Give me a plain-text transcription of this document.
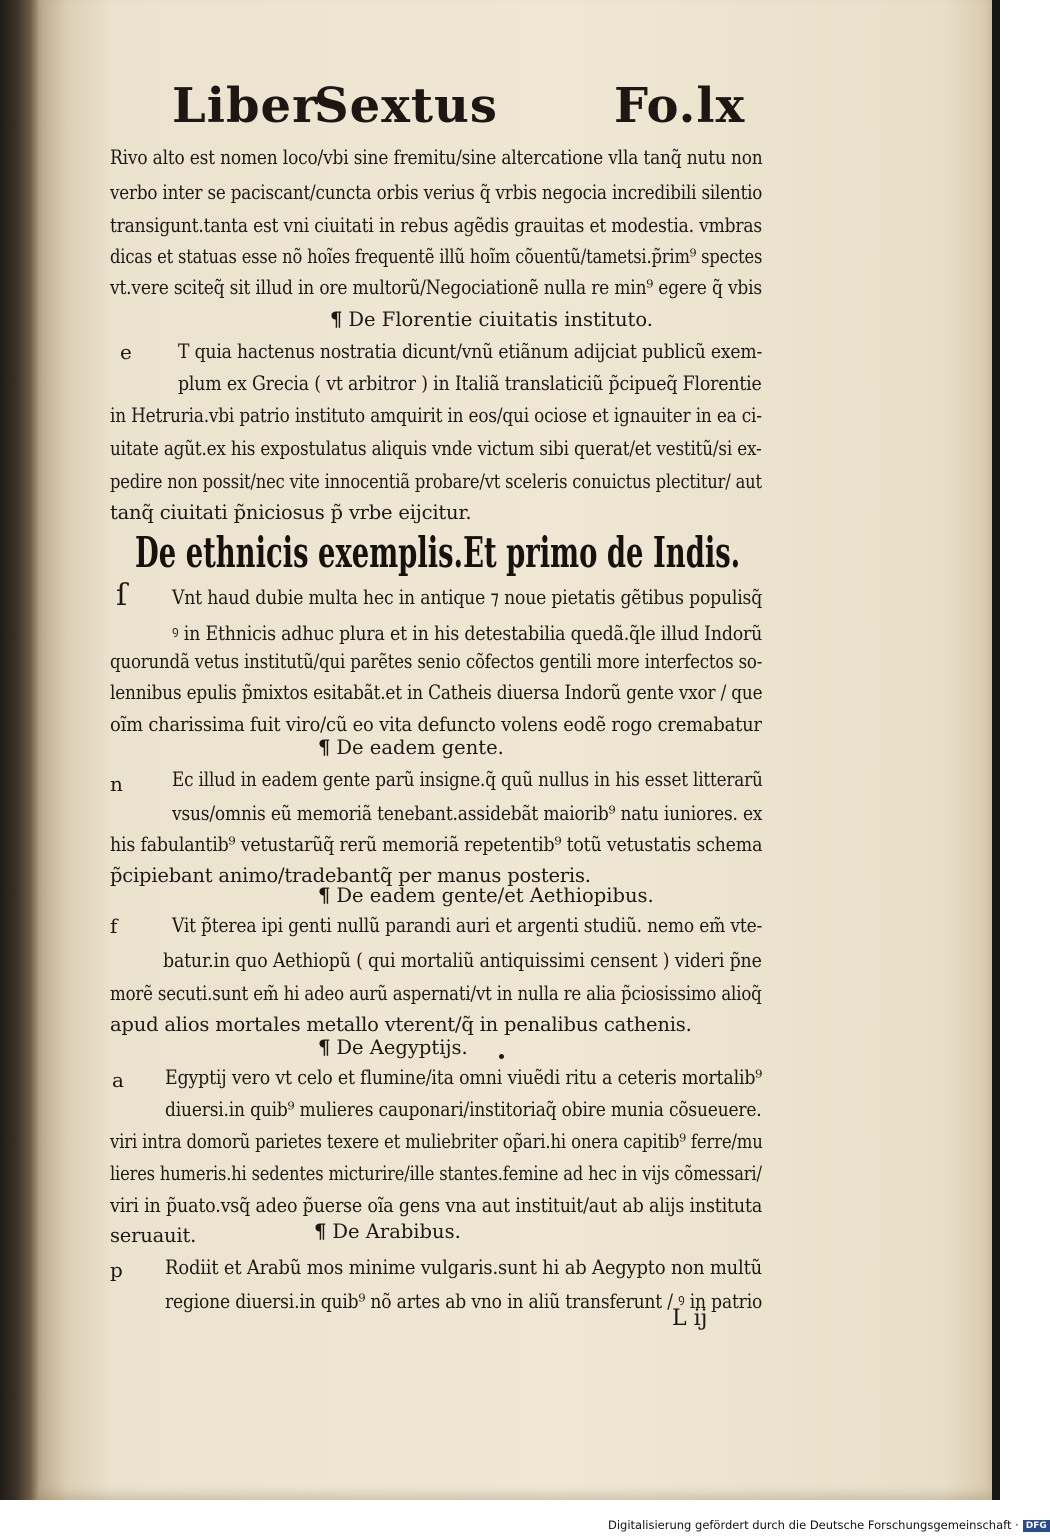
Liber
Sextus Fo.lx
Rivo alto est nomen loco/vbi sine fremitu/sine altercatione vlla tanq̃ nutu non
verbo inter se paciscant/cuncta orbis verius q̃ vrbis negocia incredibili silentio
transigunt.tanta est vni ciuitati in rebus agẽdis grauitas et modestia. vmbras
dicas et statuas esse nõ hoĩes frequentẽ illũ hoĩm cõuentũ/tametsi.p̃rim⁹ spectes
vt.vere sciteq̃ sit illud in ore multorũ/Negociationẽ nulla re min⁹ egere q̃ vbis
¶ De Florentie ciuitatis instituto.
e T quia hactenus nostratia dicunt/vnũ etiãnum adijciat publicũ exem-
plum ex Grecia ( vt arbitror ) in Italiã translaticiũ p̃cipueq̃ Florentie
in Hetruria.vbi patrio instituto amquirit in eos/qui ociose et ignauiter in ea ci-
uitate agũt.ex his expostulatus aliquis vnde victum sibi querat/et vestitũ/si ex-
pedire non possit/nec vite innocentiã probare/vt sceleris conuictus plectitur/ aut
tanq̃ ciuitati p̃niciosus p̃ vrbe eijcitur.
De ethnicis exemplis.Et primo de Indis.
ſ Vnt haud dubie multa hec in antique ⁊ noue pietatis gẽtibus populisq̃
ꝰ in Ethnicis adhuc plura et in his detestabilia quedã.q̃le illud Indorũ
quorundã vetus institutũ/qui parẽtes senio cõfectos gentili more interfectos so-
lennibus epulis p̃mixtos esitabãt.et in Catheis diuersa Indorũ gente vxor / que
oĩm charissima fuit viro/cũ eo vita defuncto volens eodẽ rogo cremabatur
¶ De eadem gente.
n	Ec illud in eadem gente parũ insigne.q̃ quũ nullus in his esset litterarũ
vsus/omnis eũ memoriã tenebant.assidebãt maiorib⁹ natu iuniores. ex
his fabulantib⁹ vetustarũq̃ rerũ memoriã repetentib⁹ totũ vetustatis schema
p̃cipiebant animo/tradebantq̃ per manus posteris.
¶ De eadem gente/et Aethiopibus.
f	Vit p̃terea ipi genti nullũ parandi auri et argenti studiũ. nemo em̃ vte-
batur.in quo Aethiopũ ( qui mortaliũ antiquissimi censent ) videri p̃ne
morẽ secuti.sunt em̃ hi adeo aurũ aspernati/vt in nulla re alia p̃ciosissimo alioq̃
apud alios mortales metallo vterent/q̃ in penalibus cathenis.
¶ De Aegyptijs.
a Egyptij vero vt celo et flumine/ita omni viuẽdi ritu a ceteris mortalib⁹
diuersi.in quib⁹ mulieres cauponari/institoriaq̃ obire munia cõsueuere.
viri intra domorũ parietes texere et muliebriter op̃ari.hi onera capitib⁹ ferre/mu
lieres humeris.hi sedentes micturire/ille stantes.femine ad hec in vijs cõmessari/
viri in p̃uato.vsq̃ adeo p̃uerse oĩa gens vna aut instituit/aut ab alijs instituta
seruauit.	¶ De Arabibus.
p Rodiit et Arabũ mos minime vulgaris.sunt hi ab Aegypto non multũ
regione diuersi.in quib⁹ nõ artes ab vno in aliũ transferunt / ꝰ in patrio
L ij
Digitalisierung gefördert durch die Deutsche Forschungsgemeinschaft · DFG
